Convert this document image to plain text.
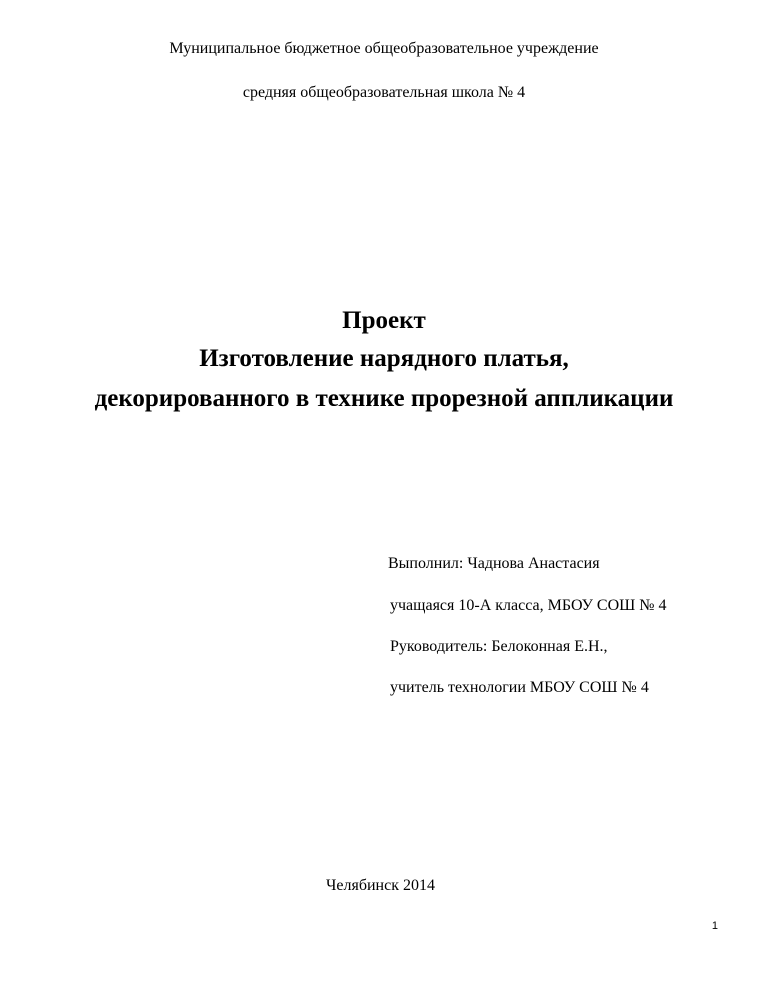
Муниципальное бюджетное общеобразовательное учреждение
средняя общеобразовательная школа № 4
Проект
Изготовление нарядного платья,
декорированного в технике прорезной аппликации
Выполнил: Чаднова Анастасия
учащаяся 10-А класса, МБОУ СОШ № 4
Руководитель: Белоконная Е.Н.,
учитель технологии МБОУ СОШ № 4
Челябинск 2014
1
